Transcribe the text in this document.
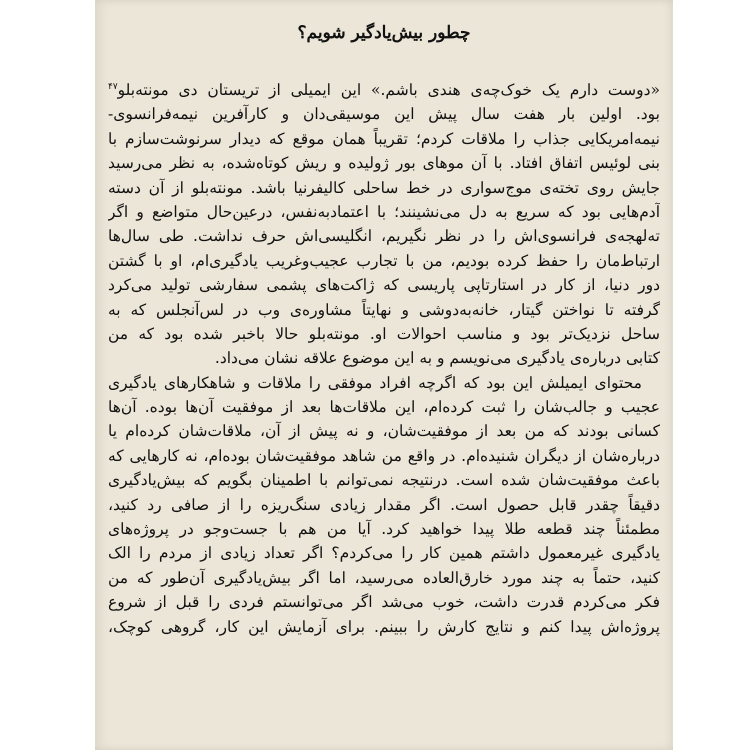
چطور بیش‌یادگیر شویم؟
«دوست دارم یک خوک‌چه‌ی هندی باشم.» این ایمیلی از تریستان دی مونته‌بلو$^{۴۷}$
بود. اولین بار هفت سال پیش این موسیقی‌دان و کارآفرین نیمه‌فرانسوی-
نیمه‌امریکایی جذاب را ملاقات کردم؛ تقریباً همان موقع که دیدار سرنوشت‌سازم با
بنی لوئیس اتفاق افتاد. با آن موهای بور ژولیده و ریش کوتاه‌شده، به نظر می‌رسید
جایش روی تخته‌ی موج‌سواری در خط ساحلی کالیفرنیا باشد. مونته‌بلو از آن دسته
آدم‌هایی بود که سریع به دل می‌نشینند؛ با اعتمادبه‌نفس، درعین‌حال متواضع و اگر
ته‌لهجه‌ی فرانسوی‌اش را در نظر نگیریم، انگلیسی‌اش حرف نداشت. طی سال‌ها
ارتباط‌مان را حفظ کرده بودیم، من با تجارب عجیب‌وغریب یادگیری‌ام، او با گشتن
دور دنیا، از کار در استارتاپی پاریسی که ژاکت‌های پشمی سفارشی تولید می‌کرد
گرفته تا نواختن گیتار، خانه‌به‌دوشی و نهایتاً مشاوره‌ی وب در لس‌آنجلس که به
ساحل نزدیک‌تر بود و مناسب احوالات او. مونته‌بلو حالا باخبر شده بود که من
کتابی درباره‌ی یادگیری می‌نویسم و به این موضوع علاقه نشان می‌داد.
محتوای ایمیلش این بود که اگرچه افراد موفقی را ملاقات و شاهکارهای یادگیری
عجیب و جالب‌شان را ثبت کرده‌ام، این ملاقات‌ها بعد از موفقیت آن‌ها بوده. آن‌ها
کسانی بودند که من بعد از موفقیت‌شان، و نه پیش از آن، ملاقات‌شان کرده‌ام یا
درباره‌شان از دیگران شنیده‌ام. در واقع من شاهد موفقیت‌شان بوده‌ام، نه کارهایی که
باعث موفقیت‌شان شده است. درنتیجه نمی‌توانم با اطمینان بگویم که بیش‌یادگیری
دقیقاً چقدر قابل حصول است. اگر مقدار زیادی سنگ‌ریزه را از صافی رد کنید،
مطمئناً چند قطعه طلا پیدا خواهید کرد. آیا من هم با جست‌وجو در پروژه‌های
یادگیری غیرمعمول داشتم همین کار را می‌کردم؟ اگر تعداد زیادی از مردم را الک
کنید، حتماً به چند مورد خارق‌العاده می‌رسید، اما اگر بیش‌یادگیری آن‌طور که من
فکر می‌کردم قدرت داشت، خوب می‌شد اگر می‌توانستم فردی را قبل از شروع
پروژه‌اش پیدا کنم و نتایج کارش را ببینم. برای آزمایش این کار، گروهی کوچک،
